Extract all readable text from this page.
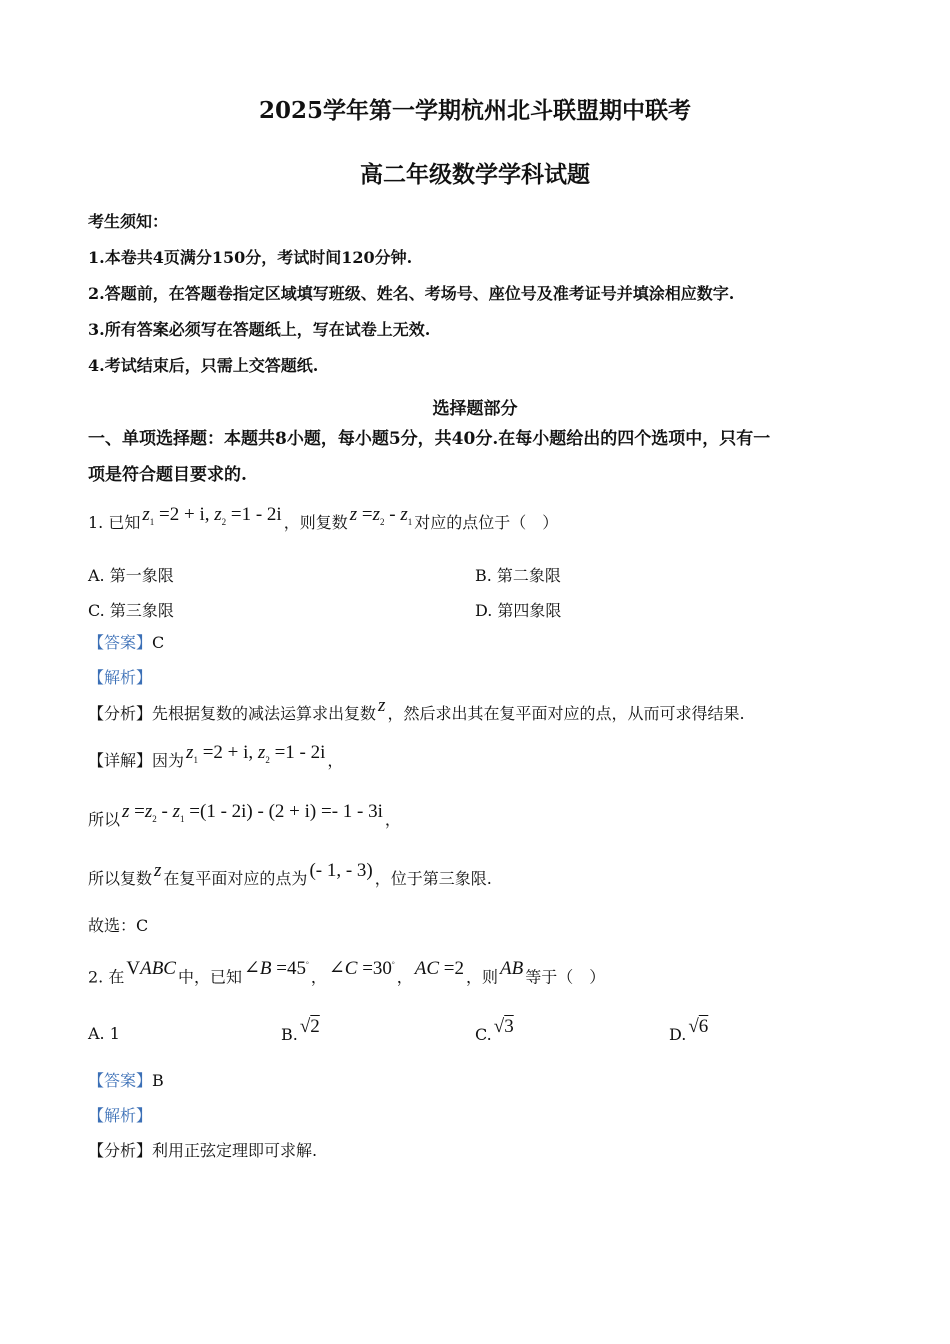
2025学年第一学期杭州北斗联盟期中联考
高二年级数学学科试题
考生须知：
1.本卷共4页满分150分，考试时间120分钟.
2.答题前，在答题卷指定区域填写班级、姓名、考场号、座位号及准考证号并填涂相应数字.
3.所有答案必须写在答题纸上，写在试卷上无效.
4.考试结束后，只需上交答题纸.
选择题部分
一、单项选择题：本题共8小题，每小题5分，共40分.在每小题给出的四个选项中，只有一
项是符合题目要求的.
1. 已知 $z_1 =2 + i$, $z_2 =1 - 2i$ ，则复数 $z =z_2 - z_1$ 对应的点位于（　）
A. 第一象限	B. 第二象限
C. 第三象限	D. 第四象限
【答案】C
【解析】
【分析】先根据复数的减法运算求出复数 z ，然后求出其在复平面对应的点，从而可求得结果.
【详解】因为 $z_1 =2 + i$, $z_2 =1 - 2i$ ，
所以 $z =z_2 - z_1 =(1 - 2i) - (2 + i) =- 1 - 3i$ ，
所以复数 z 在复平面对应的点为 (- 1, - 3) ，位于第三象限.
故选：C
2. 在 VABC 中，已知 ∠B =45°， ∠C =30°， AC =2 ，则 AB 等于（　）
A. 1	B. √2	C. √3	D. √6
【答案】B
【解析】
【分析】利用正弦定理即可求解.
